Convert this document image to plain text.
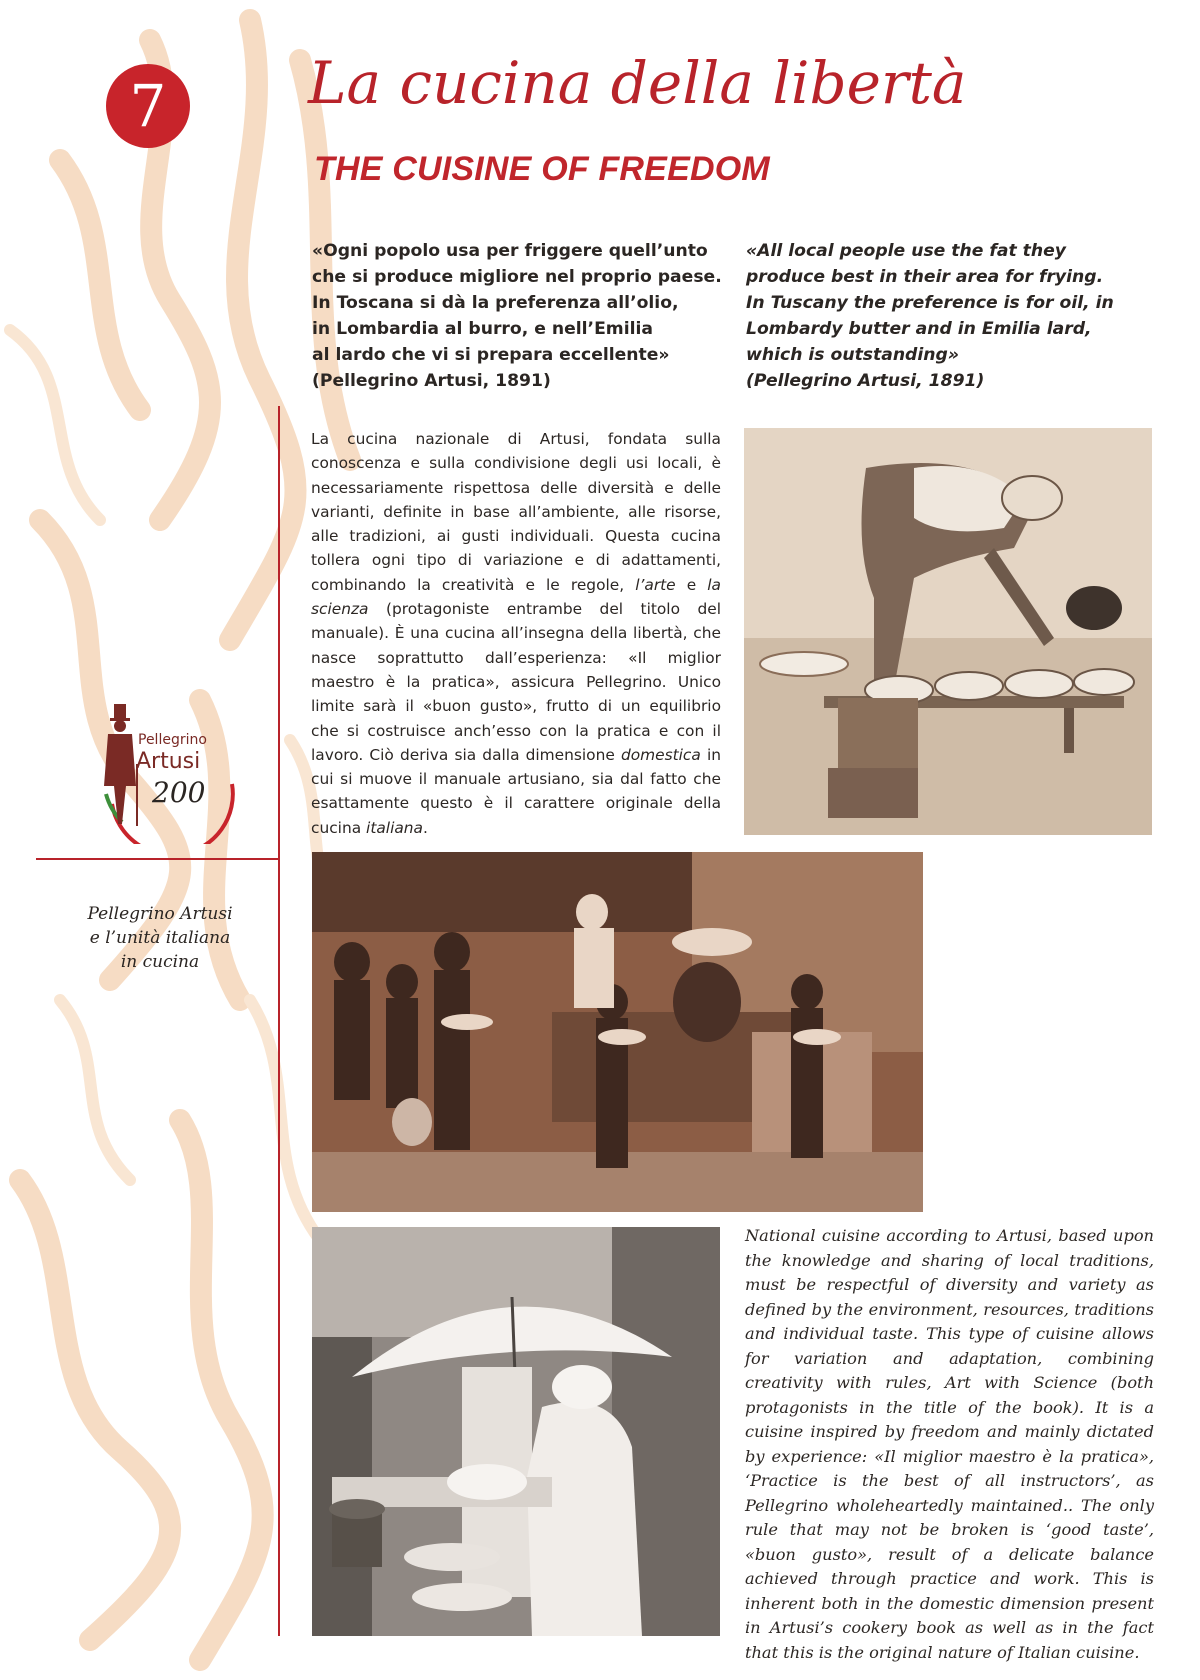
7	La cucina della libertà
THE CUISINE OF FREEDOM
«Ogni popolo usa per friggere quell’unto
che si produce migliore nel proprio paese.
In Toscana si dà la preferenza all’olio,
in Lombardia al burro, e nell’Emilia
al lardo che vi si prepara eccellente»
(Pellegrino Artusi, 1891)
«All local people use the fat they
produce best in their area for frying.
In Tuscany the preference is for oil, in
Lombardy butter and in Emilia lard,
which is outstanding»
(Pellegrino Artusi, 1891)

La cucina nazionale di Artusi, fondata sulla conoscenza e sulla condivisione degli usi locali, è necessariamente rispettosa delle diversità e delle varianti, definite in base all’ambiente, alle risorse, alle tradizioni, ai gusti individuali. Questa cucina tollera ogni tipo di variazione e di adattamenti, combinando la creatività e le regole, l’arte e la scienza (protagoniste entrambe del titolo del manuale). È una cucina all’insegna della libertà, che nasce soprattutto dall’esperienza: «Il miglior maestro è la pratica», assicura Pellegrino. Unico limite sarà il «buon gusto», frutto di un equilibrio che si costruisce anch’esso con la pratica e con il lavoro. Ciò deriva sia dalla dimensione domestica in cui si muove il manuale artusiano, sia dal fatto che esattamente questo è il carattere originale della cucina italiana.

National cuisine according to Artusi, based upon the knowledge and sharing of local traditions, must be respectful of diversity and variety as defined by the environment, resources, traditions and individual taste. This type of cuisine allows for variation and adaptation, combining creativity with rules, Art with Science (both protagonists in the title of the book). It is a cuisine inspired by freedom and mainly dictated by experience: «Il miglior maestro è la pratica», ‘Practice is the best of all instructors’, as Pellegrino wholeheartedly maintained.. The only rule that may not be broken is ‘good taste’, «buon gusto», result of a delicate balance achieved through practice and work. This is inherent both in the domestic dimension present in Artusi’s cookery book as well as in the fact that this is the original nature of Italian cuisine.

Pellegrino
Artusi
200
Pellegrino Artusi
e l’unità italiana
in cucina
